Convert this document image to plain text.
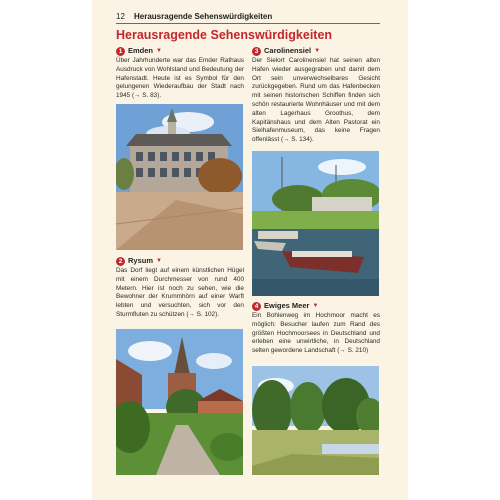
12 Herausragende Sehenswürdigkeiten
Herausragende Sehenswürdigkeiten
1 Emden ▼

Über Jahrhunderte war das Emder Rathaus Ausdruck von Wohlstand und Bedeutung der Hafenstadt. Heute ist es Symbol für den gelungenen Wiederaufbau der Stadt nach 1945 (→ S. 83).

2 Rysum ▼

Das Dorf liegt auf einem künstlichen Hügel mit einem Durchmesser von rund 400 Metern. Hier ist noch zu sehen, wie die Bewohner der Krummhörn auf einer Warft lebten und versuchten, sich vor den Sturmfluten zu schützen (→ S. 102).

3 Carolinensiel ▼

Der Sielort Carolinensiel hat seinen alten Hafen wieder ausgegraben und damit dem Ort sein unverwechselbares Gesicht zurückgegeben. Rund um das Hafenbecken mit seinen historischen Schiffen finden sich schön restaurierte Wohnhäuser und mit dem alten Lagerhaus Groothus, dem Kapitänshaus und dem Alten Pastorat ein Sielhafenmuseum, das keine Fragen offenlässt (→ S. 134).

4 Ewiges Meer ▼

Ein Bohlenweg im Hochmoor macht es möglich: Besucher laufen zum Rand des größten Hochmoorsees in Deutschland und erleben eine unwirtliche, in Deutschland selten gewordene Landschaft (→ S. 210)
